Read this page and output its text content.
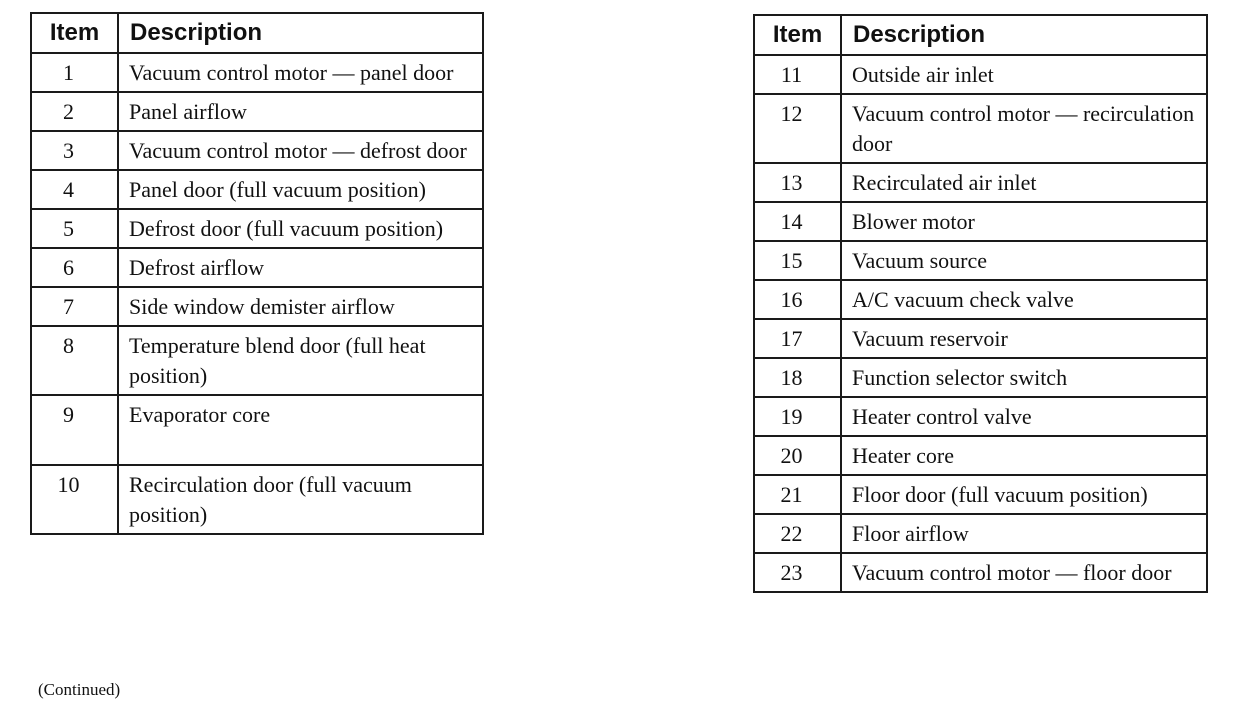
Item	Description
1	Vacuum control motor — panel door
2	Panel airflow
3	Vacuum control motor — defrost door
4	Panel door (full vacuum position)
5	Defrost door (full vacuum position)
6	Defrost airflow
7	Side window demister airflow
8	Temperature blend door (full heat position)
9	Evaporator core
10	Recirculation door (full vacuum position)
Item	Description
11	Outside air inlet
12	Vacuum control motor — recirculation door
13	Recirculated air inlet
14	Blower motor
15	Vacuum source
16	A/C vacuum check valve
17	Vacuum reservoir
18	Function selector switch
19	Heater control valve
20	Heater core
21	Floor door (full vacuum position)
22	Floor airflow
23	Vacuum control motor — floor door
(Continued)
